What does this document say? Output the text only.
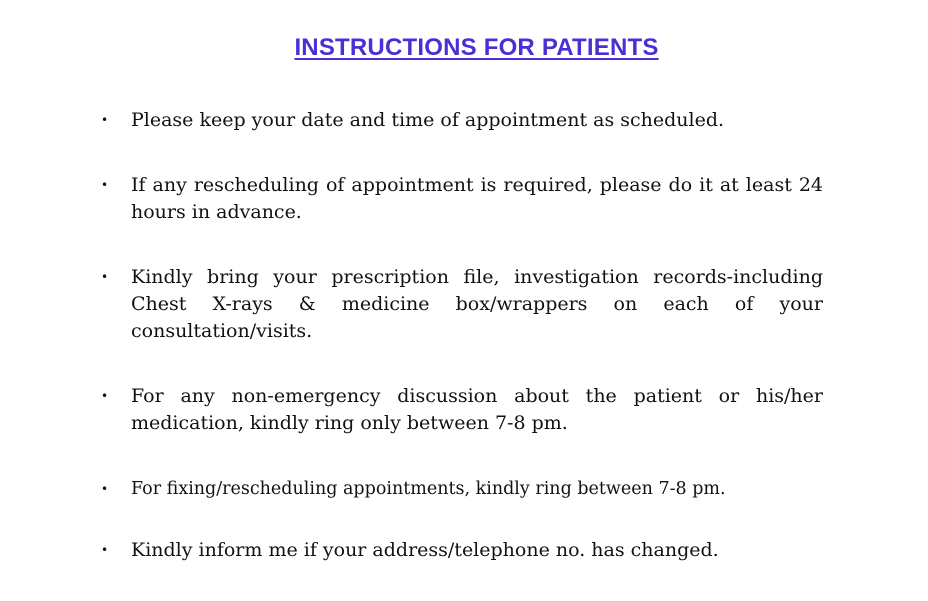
INSTRUCTIONS FOR PATIENTS
• Please keep your date and time of appointment as scheduled.
• If any rescheduling of appointment is required, please do it at least 24 hours in advance.
• Kindly bring your prescription file, investigation records-including Chest X-rays & medicine box/wrappers on each of your consultation/visits.
• For any non-emergency discussion about the patient or his/her medication, kindly ring only between 7-8 pm.
• For fixing/rescheduling appointments, kindly ring between 7-8 pm.
• Kindly inform me if your address/telephone no. has changed.
